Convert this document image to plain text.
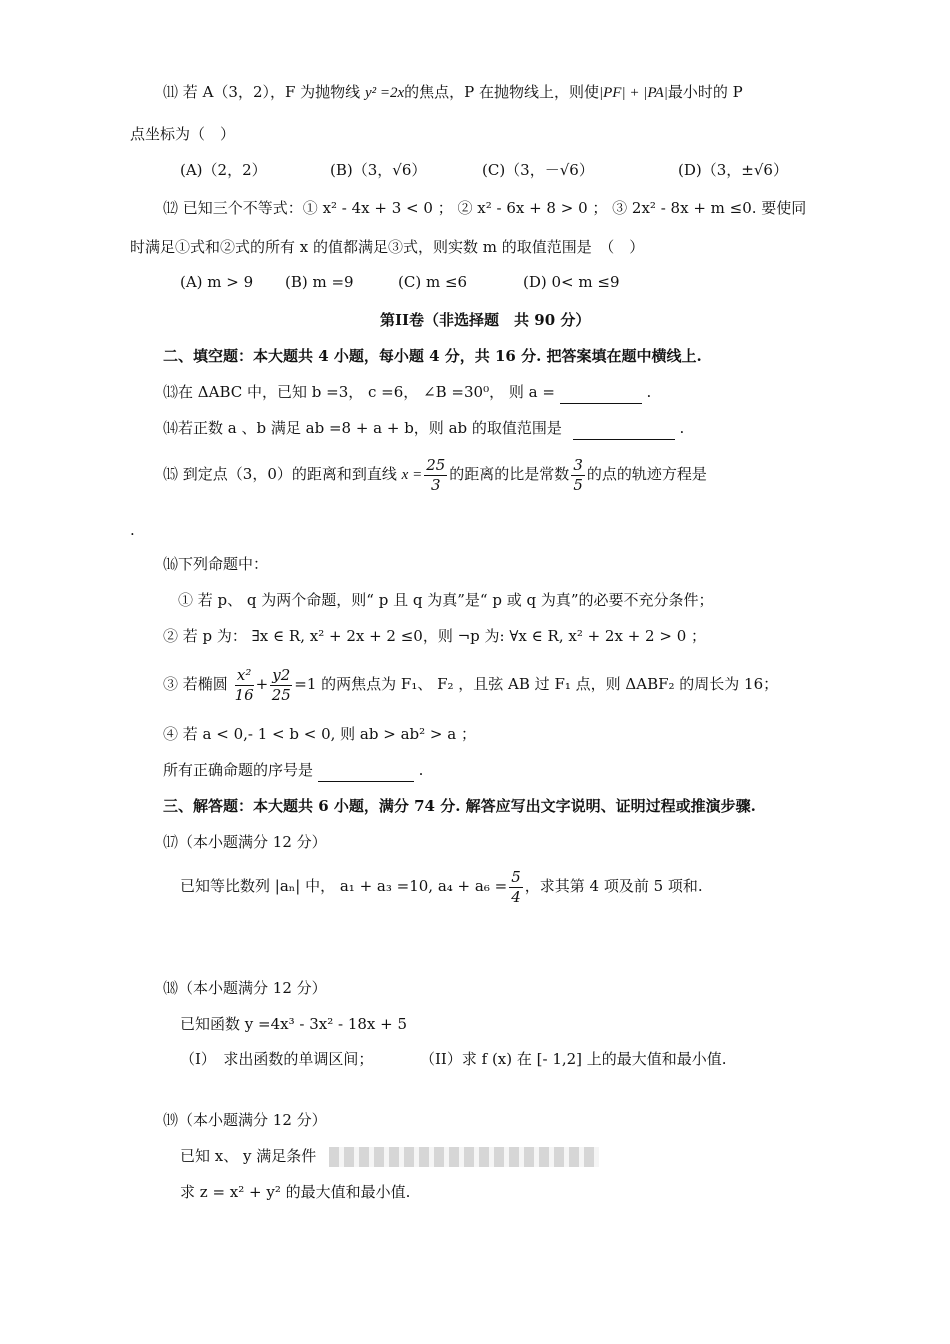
⑾ 若 A（3，2），F 为抛物线 y² =2x的焦点，P 在抛物线上，则使|PF| + |PA|最小时的 P
点坐标为（　）
(A)（2，2）	(B)（3，√6）	(C)（3，－√6）	(D)（3，±√6）
⑿ 已知三个不等式：① x² - 4x + 3 < 0 ； ② x² - 6x + 8 > 0 ； ③ 2x² - 8x + m ≤0. 要使同
时满足①式和②式的所有 x 的值都满足③式，则实数 m 的取值范围是　（　）
(A) m > 9 (B) m =9	(C) m ≤6	(D) 0< m ≤9
第II卷（非选择题　共 90 分）
二、填空题：本大题共 4 小题，每小题 4 分，共 16 分. 把答案填在题中横线上.
⒀在 ΔABC 中，已知 b =3， c =6， ∠B =30⁰， 则 a =	.
⒁若正数 a 、b 满足 ab =8 + a + b，则 ab 的取值范围是	.
⒂ 到定点（3，0）的距离和到直线 $x = \frac{25}{3}$ 的距离的比是常数 $\frac{3}{5}$ 的点的轨迹方程是
.
⒃下列命题中：
① 若 p、 q 为两个命题，则“ p 且 q 为真”是“ p 或 q 为真”的必要不充分条件；
② 若 p 为： ∃x ∈ R, x² + 2x + 2 ≤0，则 ¬p 为: ∀x ∈ R, x² + 2x + 2 > 0 ；
③ 若椭圆 $\frac{\text{x²}}{16} + \frac{y2}{25} =1$ 的两焦点为 F₁、 F₂ ，且弦 AB 过 F₁ 点，则 ΔABF₂ 的周长为 16；
④ 若 a < 0,- 1 < b < 0, 则 ab > ab² > a ；
所有正确命题的序号是	.
三、解答题：本大题共 6 小题，满分 74 分. 解答应写出文字说明、证明过程或推演步骤.
⒄（本小题满分 12 分）
已知等比数列 |aₙ| 中， a₁ + a₃ =10, $a_4 + a_6 = \frac{5}{4}$ ，求其第 4 项及前 5 项和.
⒅（本小题满分 12 分）
已知函数 y =4x³ - 3x² - 18x + 5
（I）　求出函数的单调区间；	（II）求 f (x) 在 [- 1,2] 上的最大值和最小值.
⒆（本小题满分 12 分）
已知 x、 y 满足条件
求 z = x² + y² 的最大值和最小值.
